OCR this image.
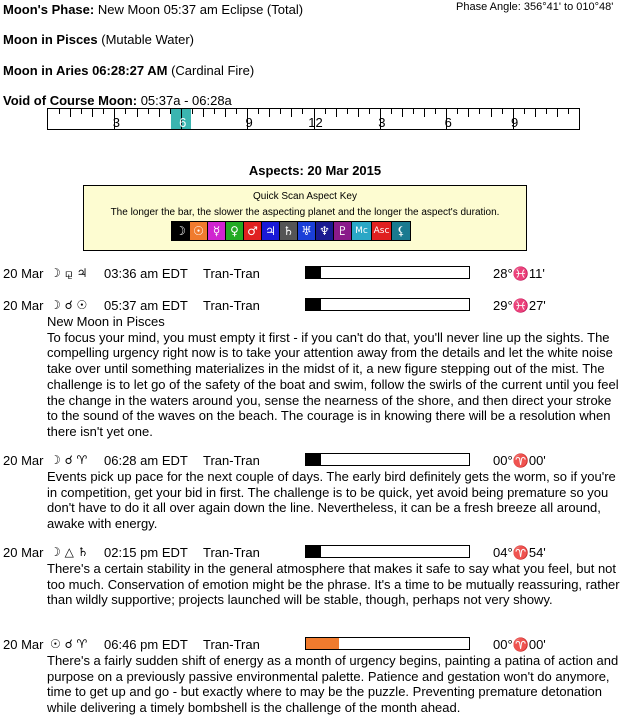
Moon's Phase: New Moon 05:37 am Eclipse (Total)	Phase Angle: 356°41' to 010°48'
Moon in Pisces (Mutable Water)
Moon in Aries 06:28:27 AM (Cardinal Fire)
Void of Course Moon: 05:37a - 06:28a
3	6	9	12	3	6	9
Aspects: 20 Mar 2015
Quick Scan Aspect Key
The longer the bar, the slower the aspecting planet and the longer the aspect's duration.
☽ ☉ ☿ ♀ ♂ ♃ ♄ ♅ ♆ ♇ Mc Asc ⚸
20 Mar ☽ ⚼ ♃ 03:36 am EDT Tran-Tran	28°♓11'
20 Mar ☽ ☌ ☉ 05:37 am EDT Tran-Tran	29°♓27'
New Moon in Pisces
To focus your mind, you must empty it first - if you can't do that, you'll never line up the sights. The compelling urgency right now is to take your attention away from the details and let the white noise take over until something materializes in the midst of it, a new figure stepping out of the mist. The challenge is to let go of the safety of the boat and swim, follow the swirls of the current until you feel the change in the waters around you, sense the nearness of the shore, and then direct your stroke to the sound of the waves on the beach. The courage is in knowing there will be a resolution when there isn't yet one.
20 Mar ☽ ☌ ♈ 06:28 am EDT Tran-Tran	00°♈00'
Events pick up pace for the next couple of days. The early bird definitely gets the worm, so if you're in competition, get your bid in first. The challenge is to be quick, yet avoid being premature so you don't have to do it all over again down the line. Nevertheless, it can be a fresh breeze all around, awake with energy.
20 Mar ☽ △ ♄ 02:15 pm EDT Tran-Tran	04°♈54'
There's a certain stability in the general atmosphere that makes it safe to say what you feel, but not too much. Conservation of emotion might be the phrase. It's a time to be mutually reassuring, rather than wildly supportive; projects launched will be stable, though, perhaps not very showy.
20 Mar ☉ ☌ ♈ 06:46 pm EDT Tran-Tran	00°♈00'
There's a fairly sudden shift of energy as a month of urgency begins, painting a patina of action and purpose on a previously passive environmental palette. Patience and gestation won't do anymore, time to get up and go - but exactly where to may be the puzzle. Preventing premature detonation while delivering a timely bombshell is the challenge of the month ahead.
